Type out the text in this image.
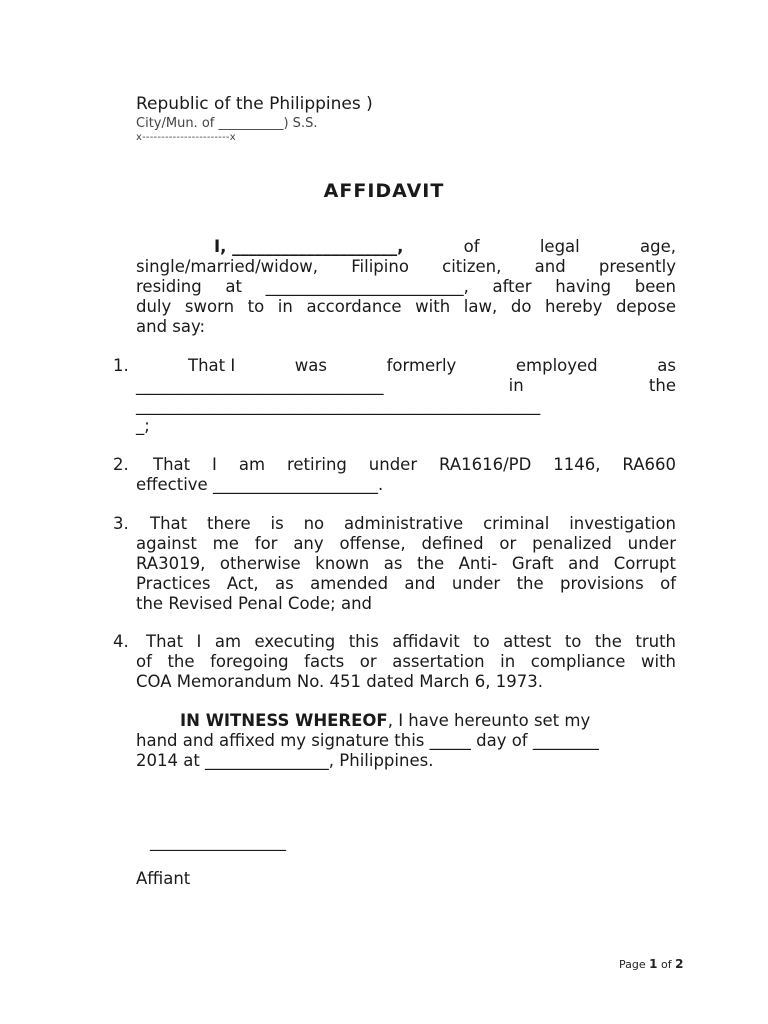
Republic of the Philippines )
City/Mun. of __________) S.S.
x-----------------------x
AFFIDAVIT
I, ____________________,	of	legal	age,
single/married/widow, Filipino citizen, and presently
residing at ________________________, after having been
duly sworn to in accordance with law, do hereby depose
and say:
1.	That I	was	formerly	employed	as
______________________________	in	the
_________________________________________________
_;
2. That I am retiring under RA1616/PD 1146, RA660
effective ____________________.
3. That there is no administrative criminal investigation
against me for any offense, defined or penalized under
RA3019, otherwise known as the Anti- Graft and Corrupt
Practices Act, as amended and under the provisions of
the Revised Penal Code; and
4. That I am executing this affidavit to attest to the truth
of the foregoing facts or assertation in compliance with
COA Memorandum No. 451 dated March 6, 1973.
IN WITNESS WHEREOF , I have hereunto set my
hand and affixed my signature this _____ day of ________
2014 at _______________, Philippines.
_________________
Affiant
Page 1 of 2
